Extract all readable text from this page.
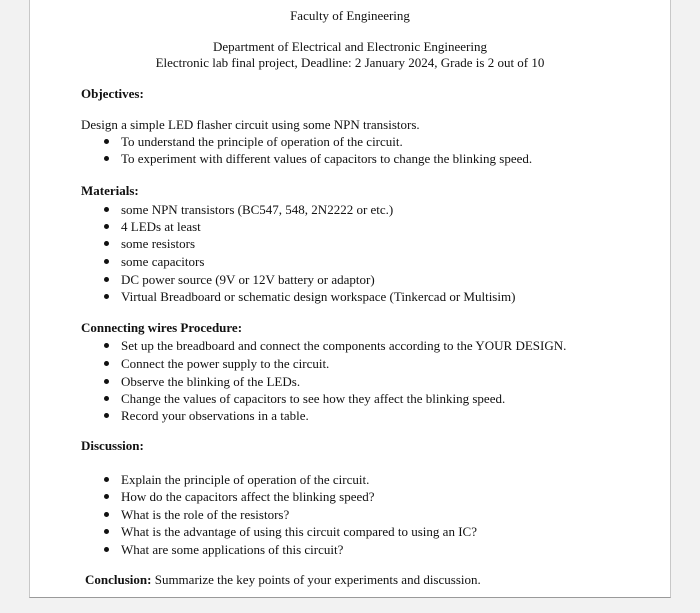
Faculty of Engineering
Department of Electrical and Electronic Engineering
Electronic lab final project, Deadline: 2 January 2024, Grade is 2 out of 10
Objectives:
Design a simple LED flasher circuit using some NPN transistors.
To understand the principle of operation of the circuit.
To experiment with different values of capacitors to change the blinking speed.
Materials:
some NPN transistors (BC547, 548, 2N2222 or etc.)
4 LEDs at least
some resistors
some capacitors
DC power source (9V or 12V battery or adaptor)
Virtual Breadboard or schematic design workspace (Tinkercad or Multisim)
Connecting wires Procedure:
Set up the breadboard and connect the components according to the YOUR DESIGN.
Connect the power supply to the circuit.
Observe the blinking of the LEDs.
Change the values of capacitors to see how they affect the blinking speed.
Record your observations in a table.
Discussion:
Explain the principle of operation of the circuit.
How do the capacitors affect the blinking speed?
What is the role of the resistors?
What is the advantage of using this circuit compared to using an IC?
What are some applications of this circuit?
Conclusion: Summarize the key points of your experiments and discussion.
